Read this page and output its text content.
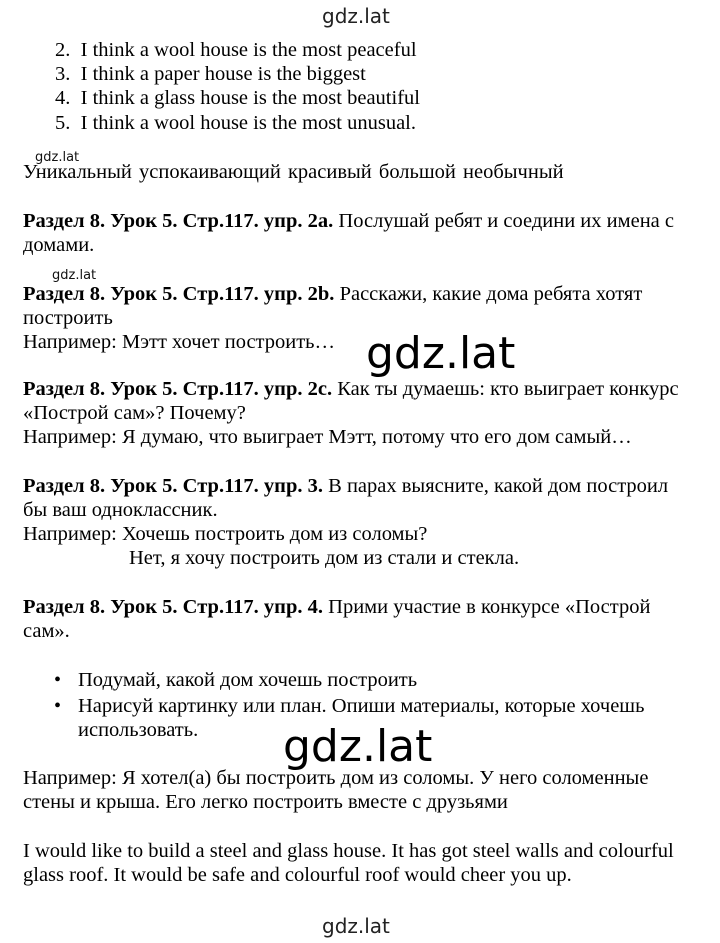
gdz.lat
2. I think a wool house is the most peaceful
3. I think a paper house is the biggest
4. I think a glass house is the most beautiful
5. I think a wool house is the most unusual.
gdz.lat
Уникальный успокаивающий красивый большой необычный
Раздел 8. Урок 5. Стр.117. упр. 2a. Послушай ребят и соедини их имена с
домами.
gdz.lat
Раздел 8. Урок 5. Стр.117. упр. 2b. Расскажи, какие дома ребята хотят
построить
Например: Мэтт хочет построить… gdz.lat
Раздел 8. Урок 5. Стр.117. упр. 2c. Как ты думаешь: кто выиграет конкурс
«Построй сам»? Почему?
Например: Я думаю, что выиграет Мэтт, потому что его дом самый…
Раздел 8. Урок 5. Стр.117. упр. 3. В парах выясните, какой дом построил
бы ваш одноклассник.
Например: Хочешь построить дом из соломы?
Нет, я хочу построить дом из стали и стекла.
Раздел 8. Урок 5. Стр.117. упр. 4. Прими участие в конкурсе «Построй
сам».
• Подумай, какой дом хочешь построить
• Нарисуй картинку или план. Опиши материалы, которые хочешь
использовать. gdz.lat
Например: Я хотел(а) бы построить дом из соломы. У него соломенные
стены и крыша. Его легко построить вместе с друзьями
I would like to build a steel and glass house. It has got steel walls and colourful
glass roof. It would be safe and colourful roof would cheer you up.
gdz.lat
